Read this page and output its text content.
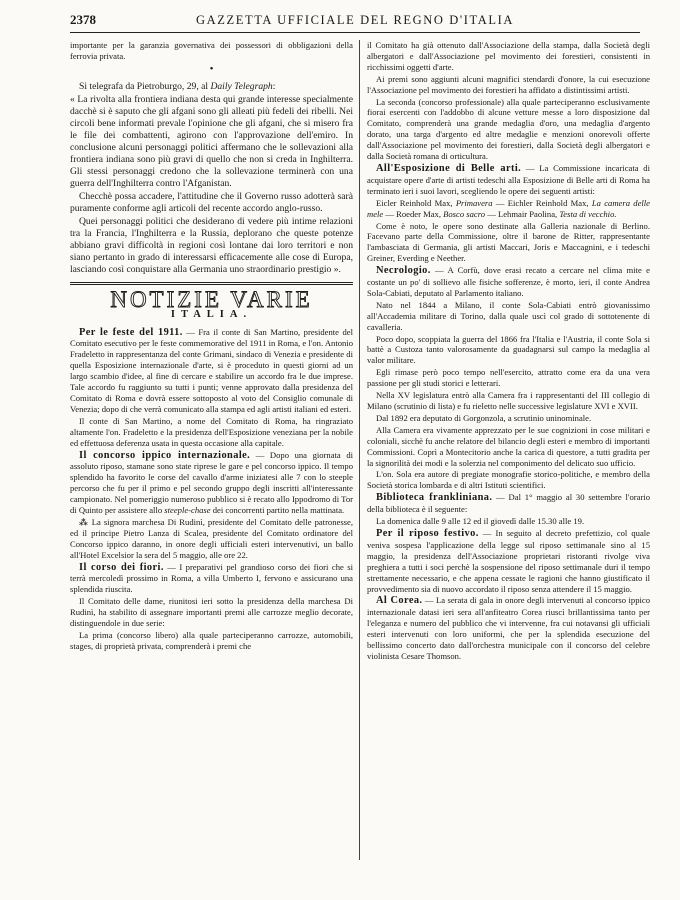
2378	GAZZETTA UFFICIALE DEL REGNO D'ITALIA

importante per la garanzia governativa dei possessori di obbligazioni della ferrovia privata.

•

Si telegrafa da Pietroburgo, 29, al Daily Telegraph:

« La rivolta alla frontiera indiana desta qui grande interesse specialmente dacchè si è saputo che gli afgani sono gli alleati più fedeli dei ribelli. Nei circoli bene informati prevale l'opinione che gli afgani, che si misero fra le file dei combattenti, agirono con l'approvazione dell'emiro. In conclusione alcuni personaggi politici affermano che le sollevazioni alla frontiera indiana sono più gravi di quello che non si creda in Inghilterra. Gli stessi personaggi credono che la sollevazione terminerà con una guerra dell'Inghilterra contro l'Afganistan.

Checchè possa accadere, l'attitudine che il Governo russo adotterà sarà puramente conforme agli articoli del recente accordo anglo-russo.

Quei personaggi politici che desiderano di vedere più intime relazioni tra la Francia, l'Inghilterra e la Russia, deplorano che queste potenze abbiano gravi difficoltà in regioni così lontane dai loro territori e non siano pertanto in grado di interessarsi efficacemente alle cose di Europa, lasciando così conquistare alla Germania uno straordinario prestigio ».

NOTIZIE VARIE
ITALIA.

Per le feste del 1911. — Fra il conte di San Martino, presidente del Comitato esecutivo per le feste commemorative del 1911 in Roma, e l'on. Antonio Fradeletto in rappresentanza del conte Grimani, sindaco di Venezia e presidente di quella Esposizione internazionale d'arte, si è proceduto in questi giorni ad un largo scambio d'idee, al fine di cercare e stabilire un accordo fra le due imprese. Tale accordo fu raggiunto su tutti i punti; venne approvato dalla presidenza del Comitato di Roma e dovrà essere sottoposto al voto del Consiglio comunale di Venezia; dopo di che verrà comunicato alla stampa ed agli artisti italiani ed esteri.

Il conte di San Martino, a nome del Comitato di Roma, ha ringraziato altamente l'on. Fradeletto e la presidenza dell'Esposizione veneziana per la nobile ed effettuosa deferenza usata in questa occasione alla capitale.

Il concorso ippico internazionale. — Dopo una giornata di assoluto riposo, stamane sono state riprese le gare e pel concorso ippico. Il tempo splendido ha favorito le corse del cavallo d'arme iniziatesi alle 7 con lo steeple percorso che fu per il primo e pel secondo gruppo degli inscritti all'interessante campionato. Nel pomeriggio numeroso pubblico si è recato allo Ippodromo di Tor di Quinto per assistere allo steeple-chase dei concorrenti partito nella mattinata.

⁂ La signora marchesa Di Rudinì, presidente del Comitato delle patronesse, ed il principe Pietro Lanza di Scalea, presidente del Comitato ordinatore del Concorso ippico daranno, in onore degli ufficiali esteri intervenutivi, un ballo all'Hotel Excelsior la sera del 5 maggio, alle ore 22.

Il corso dei fiori. — I preparativi pel grandioso corso dei fiori che si terrà mercoledì prossimo in Roma, a villa Umberto I, fervono e assicurano una splendida riuscita.

Il Comitato delle dame, riunitosi ieri sotto la presidenza della marchesa Di Rudinì, ha stabilito di assegnare importanti premi alle carrozze meglio decorate, distinguendole in due serie:

La prima (concorso libero) alla quale parteciperanno carrozze, automobili, stages, di proprietà privata, comprenderà i premi che

il Comitato ha già ottenuto dall'Associazione della stampa, dalla Società degli albergatori e dall'Associazione pel movimento dei forestieri, consistenti in ricchissimi oggetti d'arte.

Ai premi sono aggiunti alcuni magnifici stendardi d'onore, la cui esecuzione l'Associazione pel movimento dei forestieri ha affidato a distintissimi artisti.

La seconda (concorso professionale) alla quale parteciperanno esclusivamente fiorai esercenti con l'addobbo di alcune vetture messe a loro disposizione dal Comitato, comprenderà una grande medaglia d'oro, una medaglia d'argento dorato, una targa d'argento ed altre medaglie e menzioni onorevoli offerte dall'Associazione pel movimento dei forestieri, dalla Società degli albergatori e dalla Società romana di orticultura.

All'Esposizione di Belle arti. — La Commissione incaricata di acquistare opere d'arte di artisti tedeschi alla Esposizione di Belle arti di Roma ha terminato ieri i suoi lavori, scegliendo le opere dei seguenti artisti:

Eicler Reinhold Max, Primavera — Eichler Reinhold Max, La camera delle mele — Roeder Max, Bosco sacro — Lehmair Paolina, Testa di vecchio.

Come è noto, le opere sono destinate alla Galleria nazionale di Berlino. Facevano parte della Commissione, oltre il barone de Ritter, rappresentante l'ambasciata di Germania, gli artisti Maccari, Joris e Maccagnini, e i tedeschi Greiner, Everding e Neether.

Necrologio. — A Corfù, dove erasi recato a cercare nel clima mite e costante un po' di sollievo alle fisiche sofferenze, è morto, ieri, il conte Andrea Sola-Cabiati, deputato al Parlamento italiano.

Nato nel 1844 a Milano, il conte Sola-Cabiati entrò giovanissimo all'Accademia militare di Torino, dalla quale uscì col grado di sottotenente di cavalleria.

Poco dopo, scoppiata la guerra del 1866 fra l'Italia e l'Austria, il conte Sola si battè a Custoza tanto valorosamente da guadagnarsi sul campo la medaglia al valor militare.

Egli rimase però poco tempo nell'esercito, attratto come era da una vera passione per gli studi storici e letterari.

Nella XV legislatura entrò alla Camera fra i rappresentanti del III collegio di Milano (scrutinio di lista) e fu rieletto nelle successive legislature XVI e XVII.

Dal 1892 era deputato di Gorgonzola, a scrutinio uninominale.

Alla Camera era vivamente apprezzato per le sue cognizioni in cose militari e coloniali, sicchè fu anche relatore del bilancio degli esteri e membro di importanti Commissioni. Coprì a Montecitorio anche la carica di questore, a tutti gradita per la signorilità dei modi e la solerzia nel componimento del delicato suo ufficio.

L'on. Sola era autore di pregiate monografie storico-politiche, e membro della Società storica lombarda e di altri Istituti scientifici.

Biblioteca frankliniana. — Dal 1° maggio al 30 settembre l'orario della biblioteca è il seguente:

La domenica dalle 9 alle 12 ed il giovedì dalle 15.30 alle 19.

Per il riposo festivo. — In seguito al decreto prefettizio, col quale veniva sospesa l'applicazione della legge sul riposo settimanale sino al 15 maggio, la presidenza dell'Associazione proprietari ristoranti rivolge viva preghiera a tutti i soci perchè la sospensione del riposo settimanale duri il tempo strettamente necessario, e che appena cessate le ragioni che hanno giustificato il provvedimento sia di nuovo accordato il riposo senza attendere il 15 maggio.

Al Corea. — La serata di gala in onore degli intervenuti al concorso ippico internazionale datasi ieri sera all'anfiteatro Corea riuscì brillantissima tanto per l'eleganza e numero del pubblico che vi intervenne, fra cui notavansi gli ufficiali esteri intervenuti con loro uniformi, che per la splendida esecuzione del bellissimo concerto dato dall'orchestra municipale con il concorso del celebre violinista Cesare Thomson.
